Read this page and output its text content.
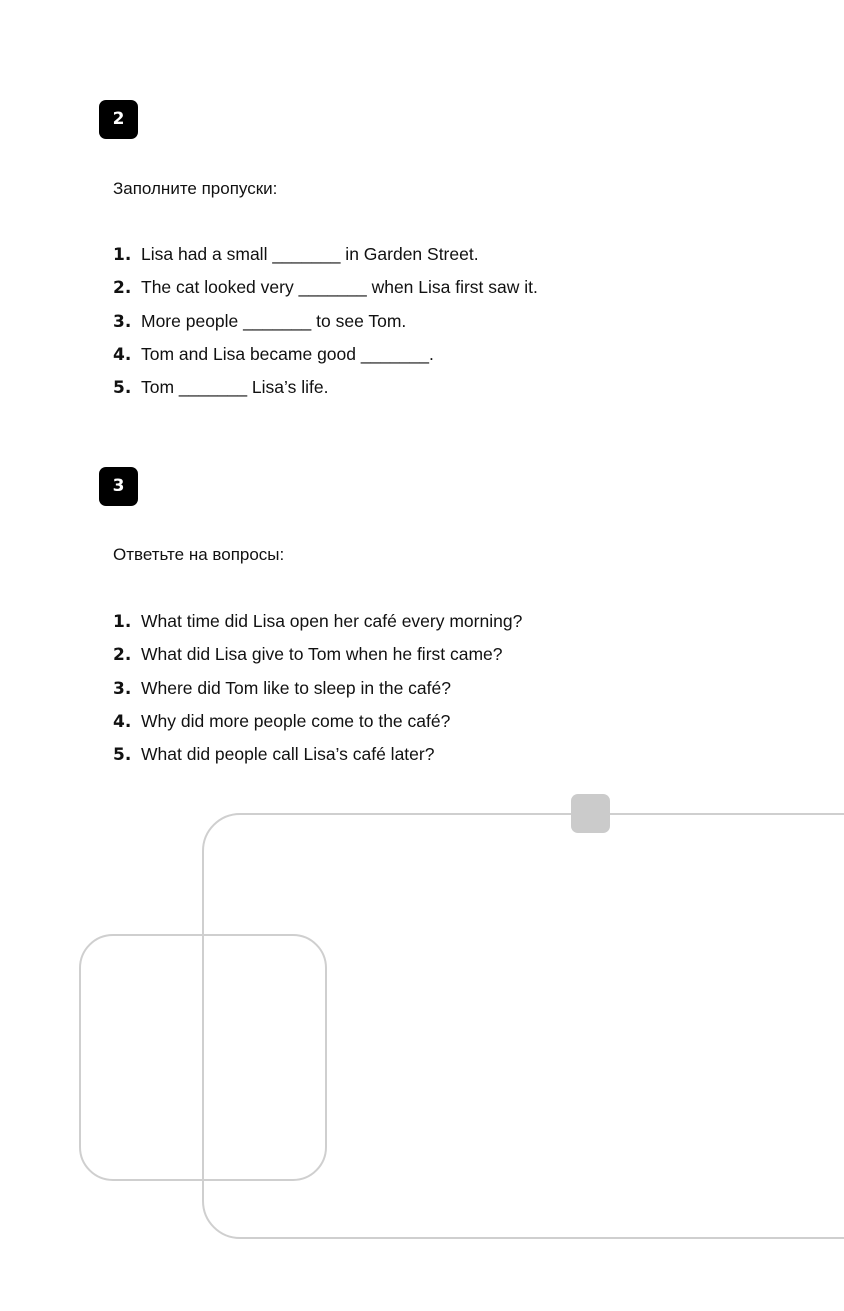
2
Заполните пропуски:
1. Lisa had a small _______ in Garden Street.
2. The cat looked very _______ when Lisa first saw it.
3. More people _______ to see Tom.
4. Tom and Lisa became good _______.
5. Tom _______ Lisa’s life.
3
Ответьте на вопросы:
1. What time did Lisa open her café every morning?
2. What did Lisa give to Tom when he first came?
3. Where did Tom like to sleep in the café?
4. Why did more people come to the café?
5. What did people call Lisa’s café later?
